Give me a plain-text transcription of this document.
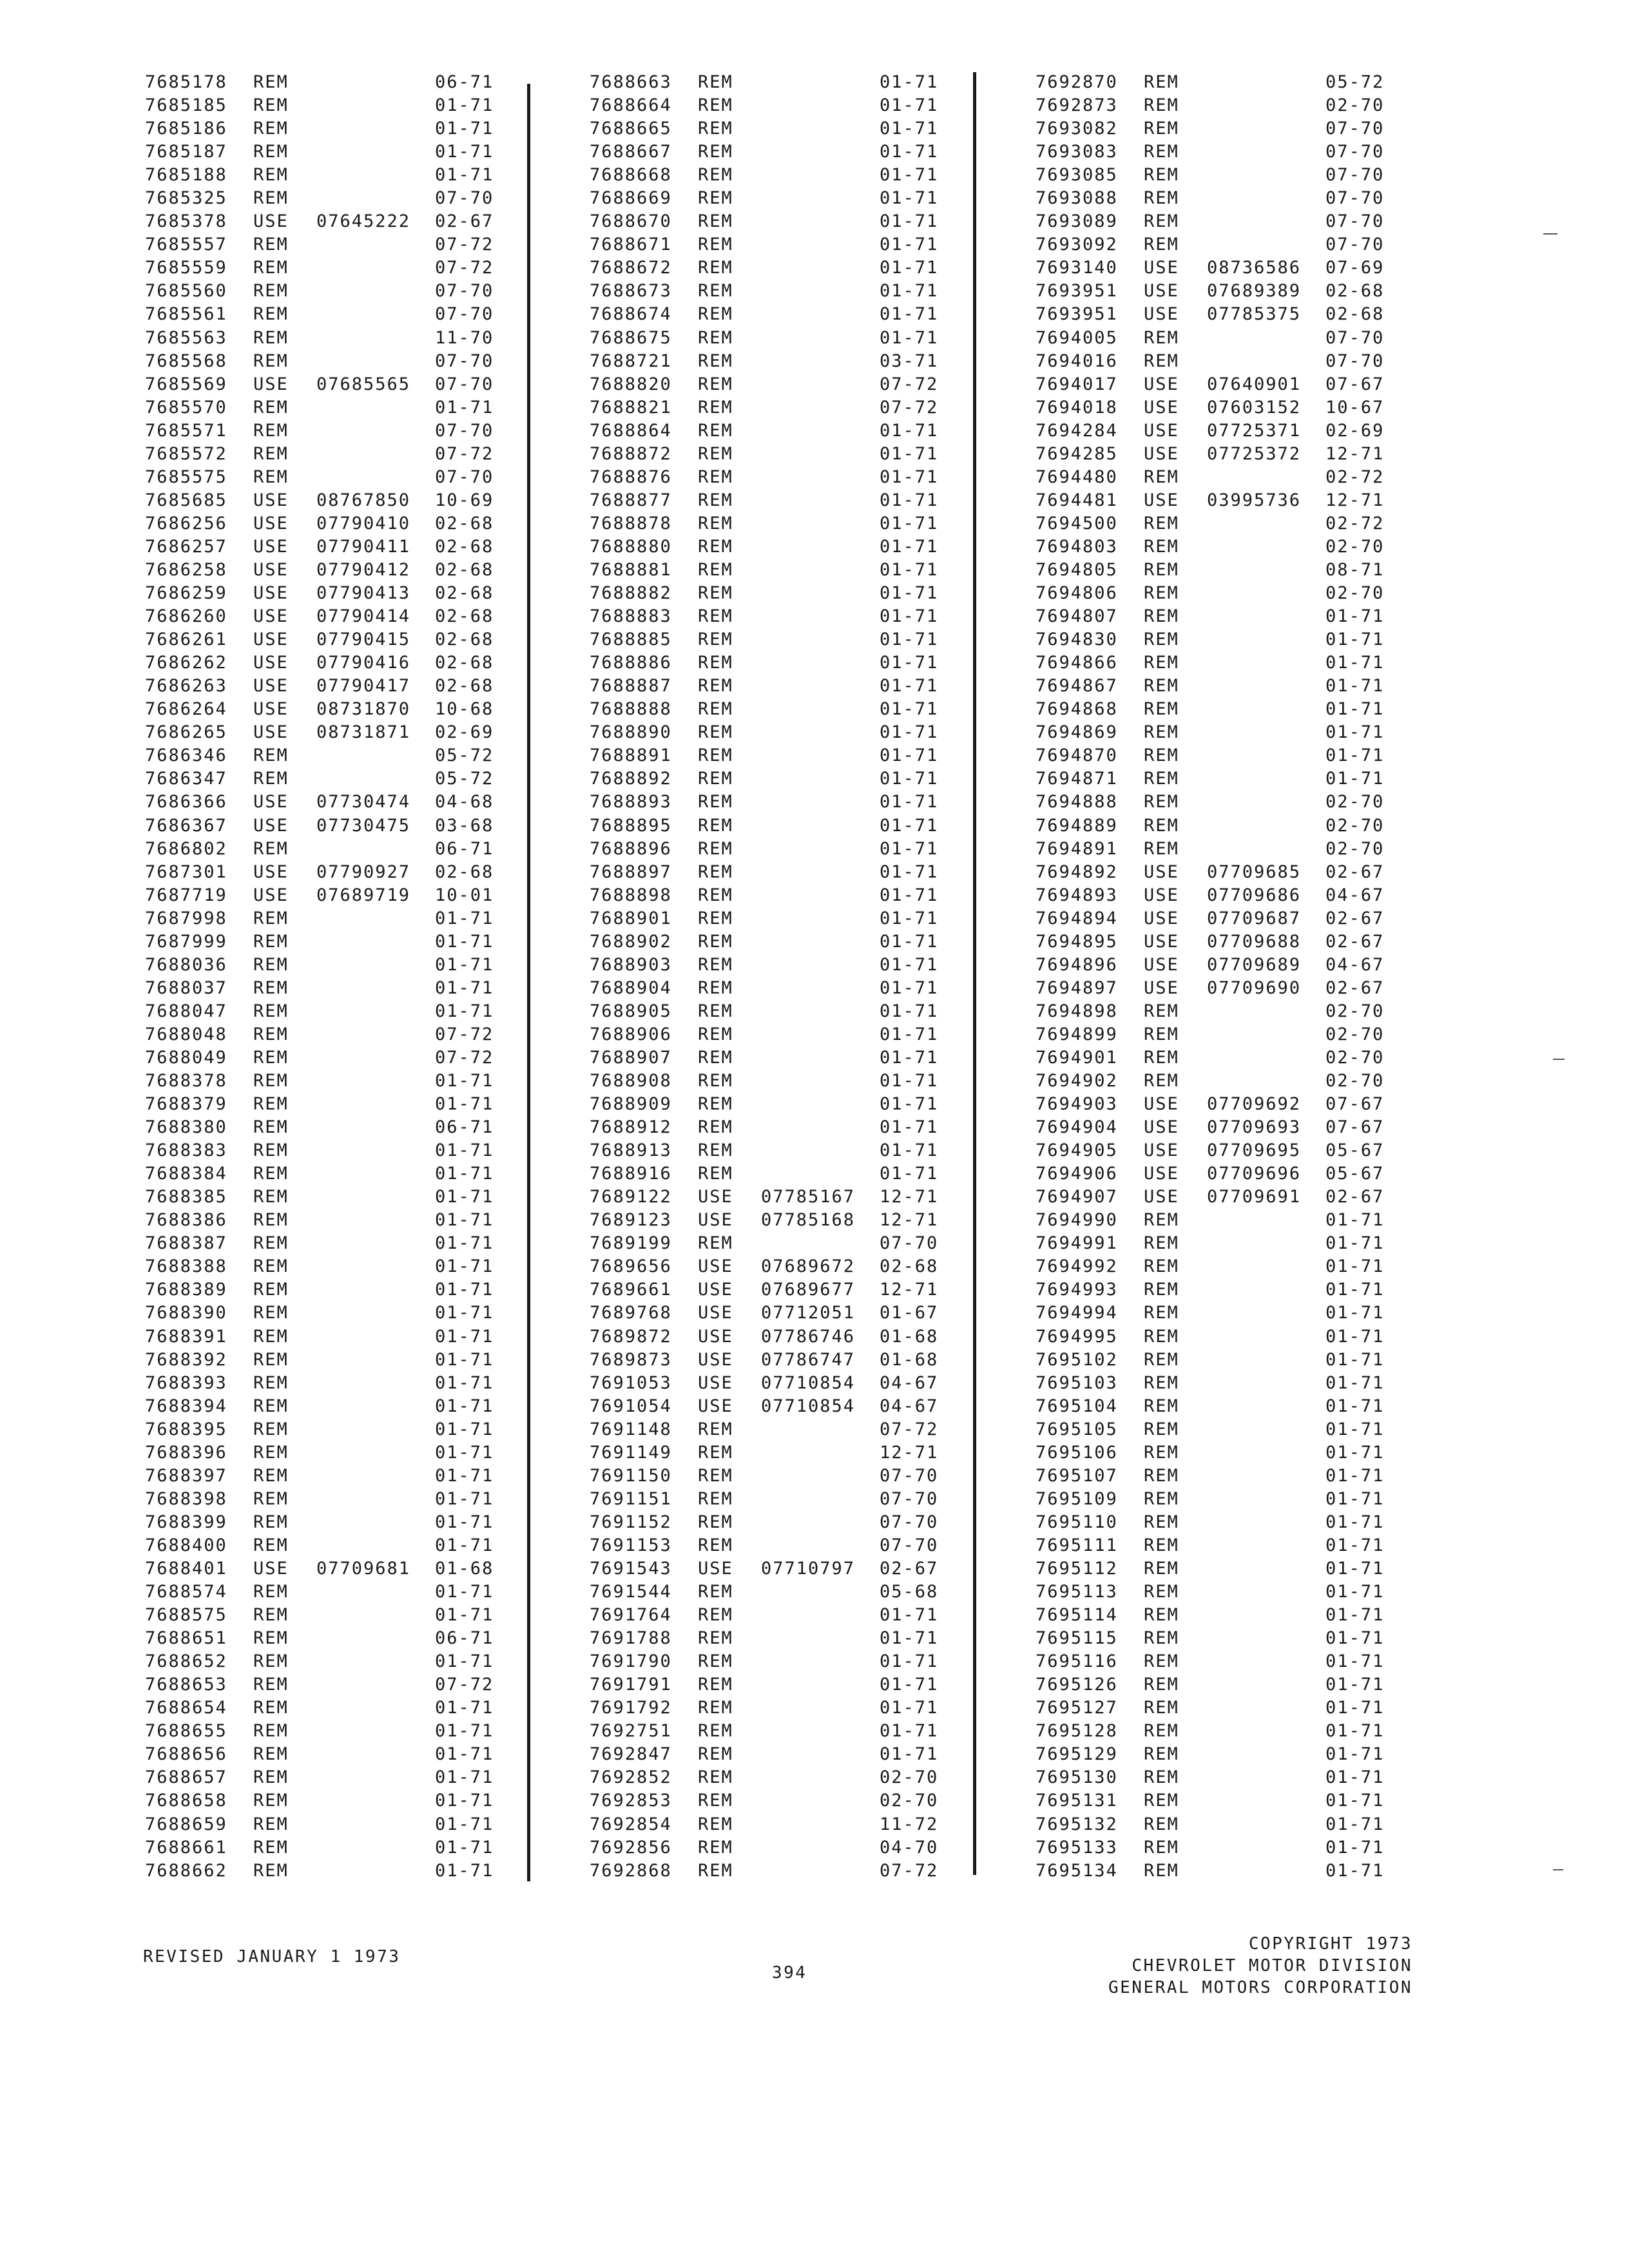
7685178 REM	06-71
7685185 REM	01-71
7685186 REM	01-71
7685187 REM	01-71
7685188 REM	01-71
7685325 REM	07-70
7685378 USE 07645222 02-67
7685557 REM	07-72
7685559 REM	07-72
7685560 REM	07-70
7685561 REM	07-70
7685563 REM	11-70
7685568 REM	07-70
7685569 USE 07685565 07-70
7685570 REM	01-71
7685571 REM	07-70
7685572 REM	07-72
7685575 REM	07-70
7685685 USE 08767850 10-69
7686256 USE 07790410 02-68
7686257 USE 07790411 02-68
7686258 USE 07790412 02-68
7686259 USE 07790413 02-68
7686260 USE 07790414 02-68
7686261 USE 07790415 02-68
7686262 USE 07790416 02-68
7686263 USE 07790417 02-68
7686264 USE 08731870 10-68
7686265 USE 08731871 02-69
7686346 REM	05-72
7686347 REM	05-72
7686366 USE 07730474 04-68
7686367 USE 07730475 03-68
7686802 REM	06-71
7687301 USE 07790927 02-68
7687719 USE 07689719 10-01
7687998 REM	01-71
7687999 REM	01-71
7688036 REM	01-71
7688037 REM	01-71
7688047 REM	01-71
7688048 REM	07-72
7688049 REM	07-72
7688378 REM	01-71
7688379 REM	01-71
7688380 REM	06-71
7688383 REM	01-71
7688384 REM	01-71
7688385 REM	01-71
7688386 REM	01-71
7688387 REM	01-71
7688388 REM	01-71
7688389 REM	01-71
7688390 REM	01-71
7688391 REM	01-71
7688392 REM	01-71
7688393 REM	01-71
7688394 REM	01-71
7688395 REM	01-71
7688396 REM	01-71
7688397 REM	01-71
7688398 REM	01-71
7688399 REM	01-71
7688400 REM	01-71
7688401 USE 07709681 01-68
7688574 REM	01-71
7688575 REM	01-71
7688651 REM	06-71
7688652 REM	01-71
7688653 REM	07-72
7688654 REM	01-71
7688655 REM	01-71
7688656 REM	01-71
7688657 REM	01-71
7688658 REM	01-71
7688659 REM	01-71
7688661 REM	01-71
7688662 REM	01-71
7688663 REM	01-71
7688664 REM	01-71
7688665 REM	01-71
7688667 REM	01-71
7688668 REM	01-71
7688669 REM	01-71
7688670 REM	01-71
7688671 REM	01-71
7688672 REM	01-71
7688673 REM	01-71
7688674 REM	01-71
7688675 REM	01-71
7688721 REM	03-71
7688820 REM	07-72
7688821 REM	07-72
7688864 REM	01-71
7688872 REM	01-71
7688876 REM	01-71
7688877 REM	01-71
7688878 REM	01-71
7688880 REM	01-71
7688881 REM	01-71
7688882 REM	01-71
7688883 REM	01-71
7688885 REM	01-71
7688886 REM	01-71
7688887 REM	01-71
7688888 REM	01-71
7688890 REM	01-71
7688891 REM	01-71
7688892 REM	01-71
7688893 REM	01-71
7688895 REM	01-71
7688896 REM	01-71
7688897 REM	01-71
7688898 REM	01-71
7688901 REM	01-71
7688902 REM	01-71
7688903 REM	01-71
7688904 REM	01-71
7688905 REM	01-71
7688906 REM	01-71
7688907 REM	01-71
7688908 REM	01-71
7688909 REM	01-71
7688912 REM	01-71
7688913 REM	01-71
7688916 REM	01-71
7689122 USE 07785167 12-71
7689123 USE 07785168 12-71
7689199 REM	07-70
7689656 USE 07689672 02-68
7689661 USE 07689677 12-71
7689768 USE 07712051 01-67
7689872 USE 07786746 01-68
7689873 USE 07786747 01-68
7691053 USE 07710854 04-67
7691054 USE 07710854 04-67
7691148 REM	07-72
7691149 REM	12-71
7691150 REM	07-70
7691151 REM	07-70
7691152 REM	07-70
7691153 REM	07-70
7691543 USE 07710797 02-67
7691544 REM	05-68
7691764 REM	01-71
7691788 REM	01-71
7691790 REM	01-71
7691791 REM	01-71
7691792 REM	01-71
7692751 REM	01-71
7692847 REM	01-71
7692852 REM	02-70
7692853 REM	02-70
7692854 REM	11-72
7692856 REM	04-70
7692868 REM	07-72
7692870 REM	05-72
7692873 REM	02-70
7693082 REM	07-70
7693083 REM	07-70
7693085 REM	07-70
7693088 REM	07-70
7693089 REM	07-70
7693092 REM	07-70
7693140 USE 08736586 07-69
7693951 USE 07689389 02-68
7693951 USE 07785375 02-68
7694005 REM	07-70
7694016 REM	07-70
7694017 USE 07640901 07-67
7694018 USE 07603152 10-67
7694284 USE 07725371 02-69
7694285 USE 07725372 12-71
7694480 REM	02-72
7694481 USE 03995736 12-71
7694500 REM	02-72
7694803 REM	02-70
7694805 REM	08-71
7694806 REM	02-70
7694807 REM	01-71
7694830 REM	01-71
7694866 REM	01-71
7694867 REM	01-71
7694868 REM	01-71
7694869 REM	01-71
7694870 REM	01-71
7694871 REM	01-71
7694888 REM	02-70
7694889 REM	02-70
7694891 REM	02-70
7694892 USE 07709685 02-67
7694893 USE 07709686 04-67
7694894 USE 07709687 02-67
7694895 USE 07709688 02-67
7694896 USE 07709689 04-67
7694897 USE 07709690 02-67
7694898 REM	02-70
7694899 REM	02-70
7694901 REM	02-70
7694902 REM	02-70
7694903 USE 07709692 07-67
7694904 USE 07709693 07-67
7694905 USE 07709695 05-67
7694906 USE 07709696 05-67
7694907 USE 07709691 02-67
7694990 REM	01-71
7694991 REM	01-71
7694992 REM	01-71
7694993 REM	01-71
7694994 REM	01-71
7694995 REM	01-71
7695102 REM	01-71
7695103 REM	01-71
7695104 REM	01-71
7695105 REM	01-71
7695106 REM	01-71
7695107 REM	01-71
7695109 REM	01-71
7695110 REM	01-71
7695111 REM	01-71
7695112 REM	01-71
7695113 REM	01-71
7695114 REM	01-71
7695115 REM	01-71
7695116 REM	01-71
7695126 REM	01-71
7695127 REM	01-71
7695128 REM	01-71
7695129 REM	01-71
7695130 REM	01-71
7695131 REM	01-71
7695132 REM	01-71
7695133 REM	01-71
7695134 REM	01-71
REVISED JANUARY 1 1973
394
COPYRIGHT 1973
CHEVROLET MOTOR DIVISION
GENERAL MOTORS CORPORATION
